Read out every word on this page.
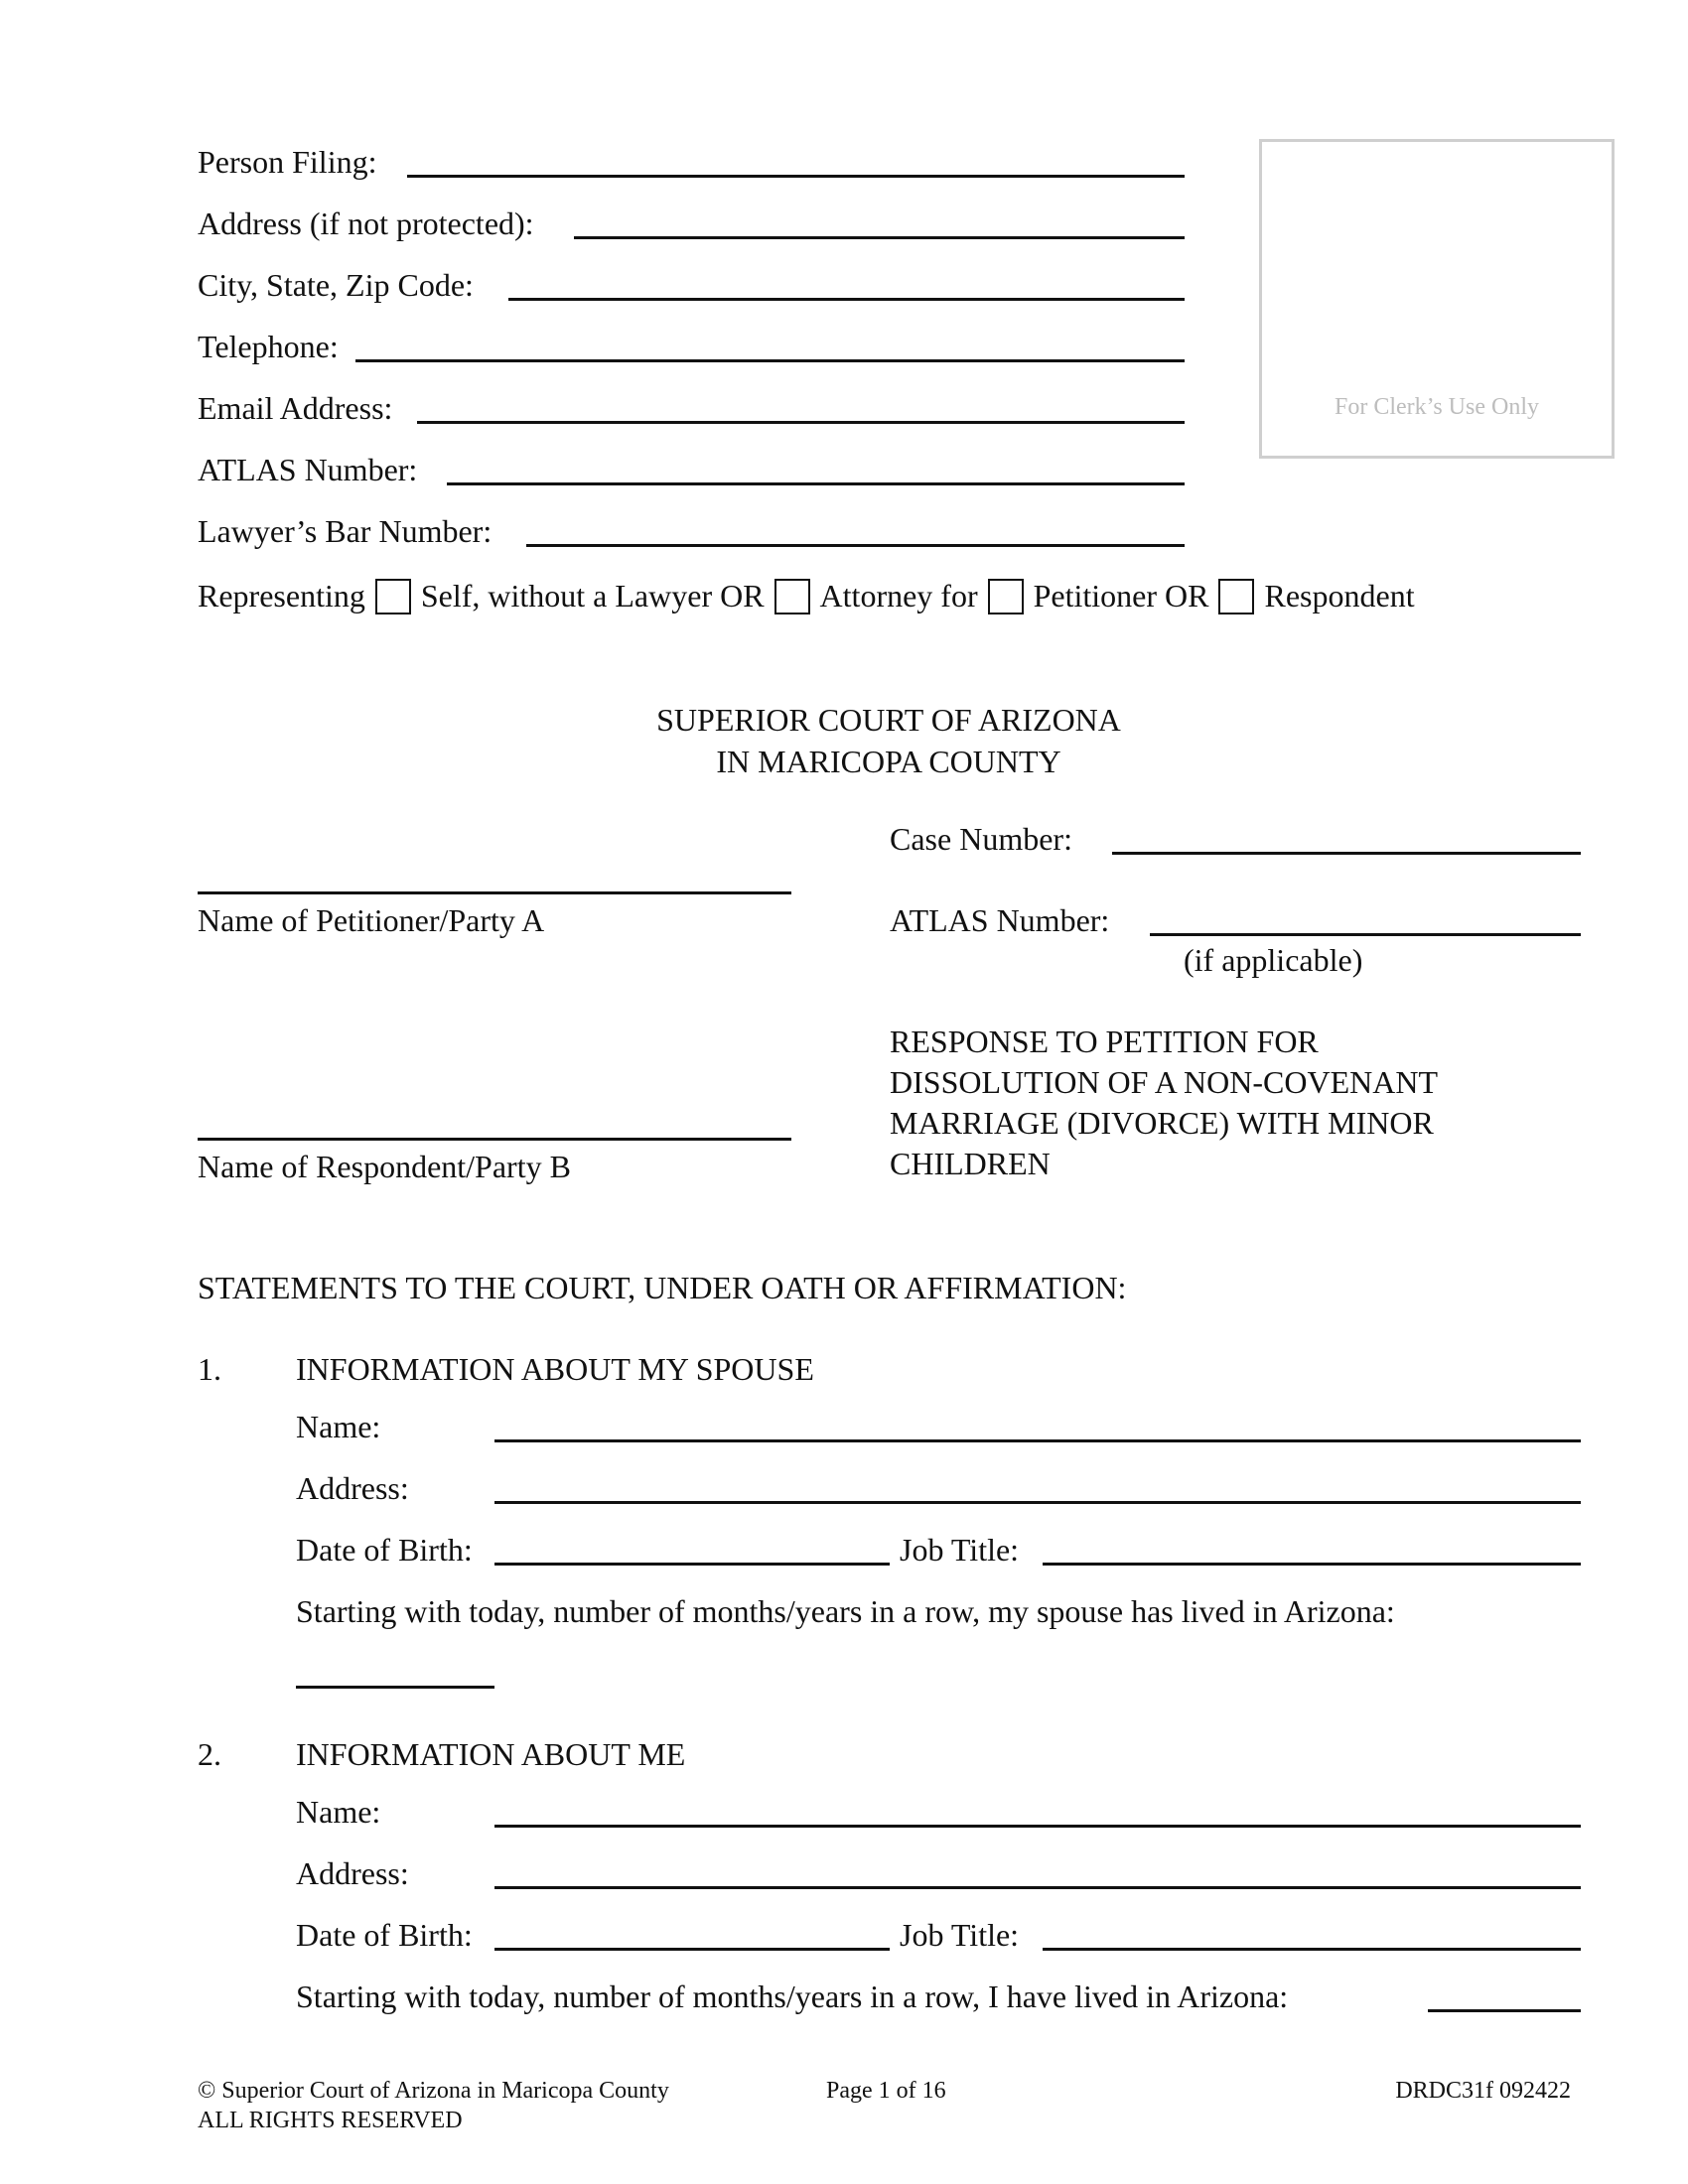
Person Filing:
Address (if not protected):
City, State, Zip Code:
Telephone:
Email Address:
ATLAS Number:
Lawyer’s Bar Number:
For Clerk’s Use Only
Representing Self, without a Lawyer OR Attorney for Petitioner OR Respondent
SUPERIOR COURT OF ARIZONA
IN MARICOPA COUNTY
Case Number:
Name of Petitioner/Party A	ATLAS Number:
(if applicable)
RESPONSE TO PETITION FOR
DISSOLUTION OF A NON-COVENANT
MARRIAGE (DIVORCE) WITH MINOR
CHILDREN
Name of Respondent/Party B
STATEMENTS TO THE COURT, UNDER OATH OR AFFIRMATION:
1. INFORMATION ABOUT MY SPOUSE
Name:
Address:
Date of Birth:	Job Title:
Starting with today, number of months/years in a row, my spouse has lived in Arizona:
2. INFORMATION ABOUT ME
Name:
Address:
Date of Birth:	Job Title:
Starting with today, number of months/years in a row, I have lived in Arizona:
© Superior Court of Arizona in Maricopa County
ALL RIGHTS RESERVED
Page 1 of 16	DRDC31f 092422
